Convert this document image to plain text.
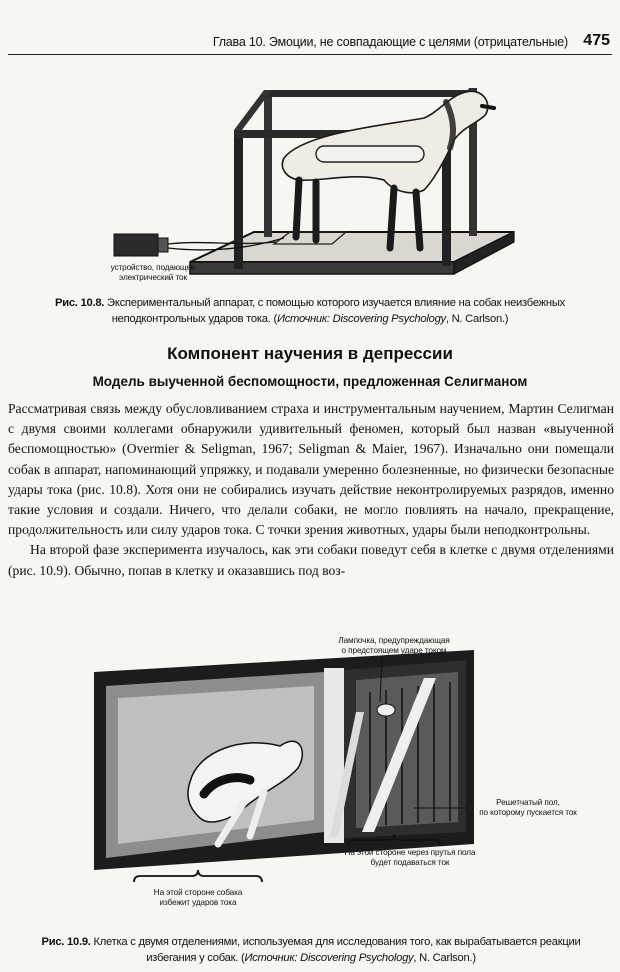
Глава 10. Эмоции, не совпадающие с целями (отрицательные) 475
устройство, подающее
электрический ток
Рис. 10.8. Экспериментальный аппарат, с помощью которого изучается влияние на собак неизбежных неподконтрольных ударов тока. (Источник: Discovering Psychology, N. Carlson.)
Компонент научения в депрессии
Модель выученной беспомощности, предложенная Селигманом

Рассматривая связь между обусловливанием страха и инструментальным научением, Мартин Селигман с двумя своими коллегами обнаружили удивительный феномен, который был назван «выученной беспомощностью» (Overmier & Seligman, 1967; Seligman & Maier, 1967). Изначально они помещали собак в аппарат, напоминающий упряжку, и подавали умеренно болезненные, но физически безопасные удары тока (рис. 10.8). Хотя они не собирались изучать действие неконтролируемых разрядов, именно такие условия и создали. Ничего, что делали собаки, не могло повлиять на начало, прекращение, продолжительность или силу ударов тока. С точки зрения животных, удары были неподконтрольны.

На второй фазе эксперимента изучалось, как эти собаки поведут себя в клетке с двумя отделениями (рис. 10.9). Обычно, попав в клетку и оказавшись под воз-

Лампочка, предупреждающая
о предстоящем ударе током
Решетчатый пол,
по которому пускается ток
На этой стороне через прутья пола
будет подаваться ток
На этой стороне собака
избежит ударов тока
Рис. 10.9. Клетка с двумя отделениями, используемая для исследования того, как вырабатывается реакции избегания у собак. (Источник: Discovering Psychology, N. Carlson.)
